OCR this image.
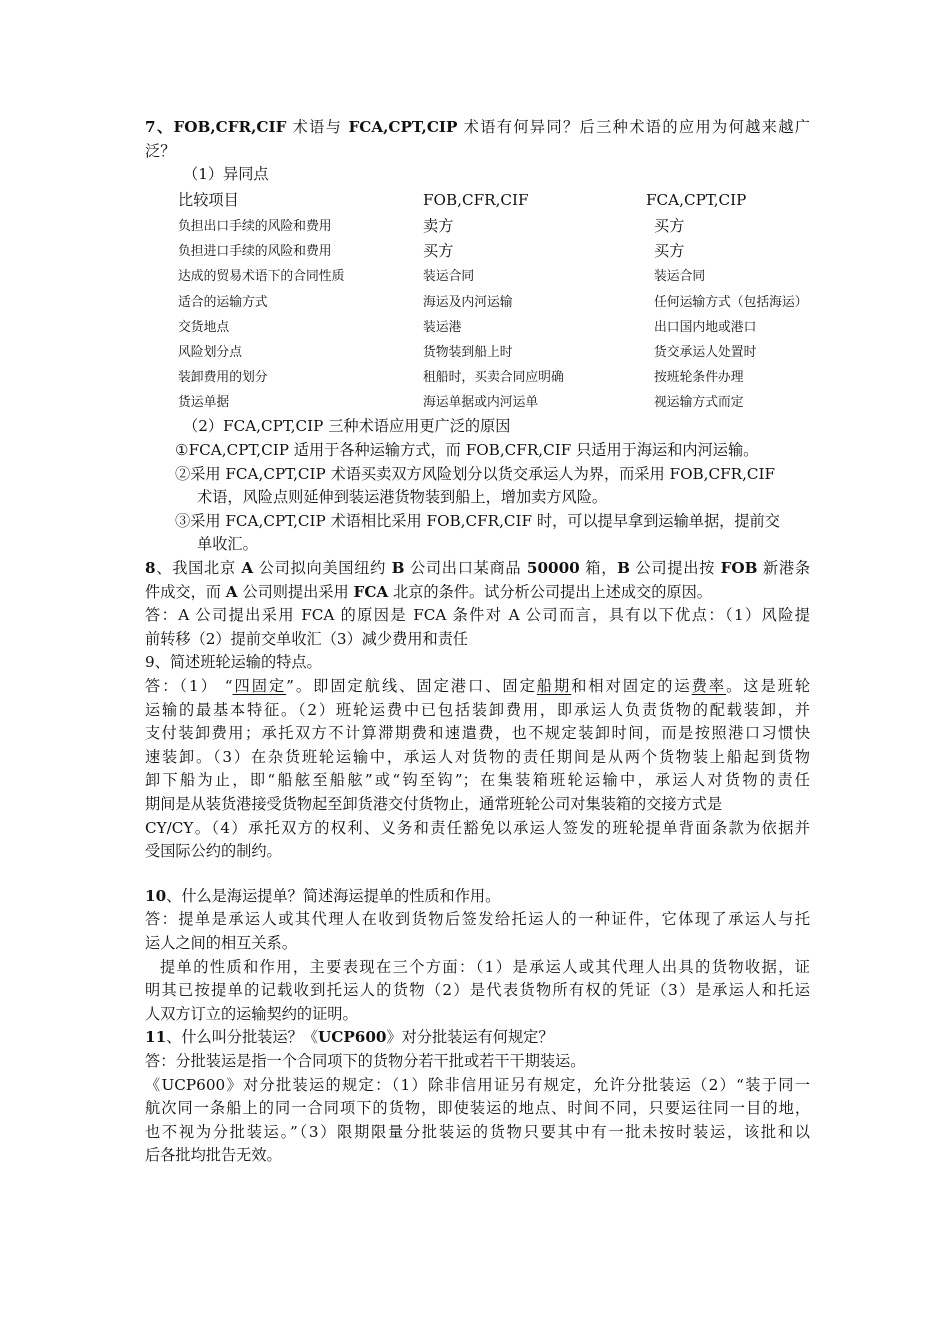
7、FOB,CFR,CIF 术语与 FCA,CPT,CIP 术语有何异同？后三种术语的应用为何越来越广
泛？
（1）异同点
比较项目	FOB,CFR,CIF	FCA,CPT,CIP
负担出口手续的风险和费用	卖方	买方
负担进口手续的风险和费用	买方	买方
达成的贸易术语下的合同性质	装运合同	装运合同
适合的运输方式	海运及内河运输	任何运输方式（包括海运）
交货地点	装运港	出口国内地或港口
风险划分点	货物装到船上时	货交承运人处置时
装卸费用的划分	租船时，买卖合同应明确	按班轮条件办理
货运单据	海运单据或内河运单	视运输方式而定
（2）FCA,CPT,CIP 三种术语应用更广泛的原因
①FCA,CPT,CIP 适用于各种运输方式，而 FOB,CFR,CIF 只适用于海运和内河运输。
②采用 FCA,CPT,CIP 术语买卖双方风险划分以货交承运人为界，而采用 FOB,CFR,CIF
术语，风险点则延伸到装运港货物装到船上，增加卖方风险。
③采用 FCA,CPT,CIP 术语相比采用 FOB,CFR,CIF 时，可以提早拿到运输单据，提前交
单收汇。
8、我国北京 A 公司拟向美国纽约 B 公司出口某商品 50000 箱，B 公司提出按 FOB 新港条
件成交，而 A 公司则提出采用 FCA 北京的条件。试分析公司提出上述成交的原因。
答：A 公司提出采用 FCA 的原因是 FCA 条件对 A 公司而言，具有以下优点：（1）风险提
前转移（2）提前交单收汇（3）减少费用和责任
9、简述班轮运输的特点。
答：（1） “四固定”。即固定航线、固定港口、固定船期和相对固定的运费率。这是班轮
运输的最基本特征。（2）班轮运费中已包括装卸费用，即承运人负责货物的配载装卸，并
支付装卸费用；承托双方不计算滞期费和速遣费，也不规定装卸时间，而是按照港口习惯快
速装卸。（3）在杂货班轮运输中，承运人对货物的责任期间是从两个货物装上船起到货物
卸下船为止，即“船舷至船舷”或“钩至钩”；在集装箱班轮运输中，承运人对货物的责任
期间是从装货港接受货物起至卸货港交付货物止，通常班轮公司对集装箱的交接方式是
CY/CY。（4）承托双方的权利、义务和责任豁免以承运人签发的班轮提单背面条款为依据并
受国际公约的制约。
10、什么是海运提单？简述海运提单的性质和作用。
答：提单是承运人或其代理人在收到货物后签发给托运人的一种证件，它体现了承运人与托
运人之间的相互关系。
提单的性质和作用，主要表现在三个方面：（1）是承运人或其代理人出具的货物收据，证
明其已按提单的记载收到托运人的货物（2）是代表货物所有权的凭证（3）是承运人和托运
人双方订立的运输契约的证明。
11、什么叫分批装运？《UCP600》对分批装运有何规定？
答：分批装运是指一个合同项下的货物分若干批或若干干期装运。
《UCP600》对分批装运的规定：（1）除非信用证另有规定，允许分批装运（2）“装于同一
航次同一条船上的同一合同项下的货物，即使装运的地点、时间不同，只要运往同一目的地，
也不视为分批装运。”（3）限期限量分批装运的货物只要其中有一批未按时装运，该批和以
后各批均批告无效。
